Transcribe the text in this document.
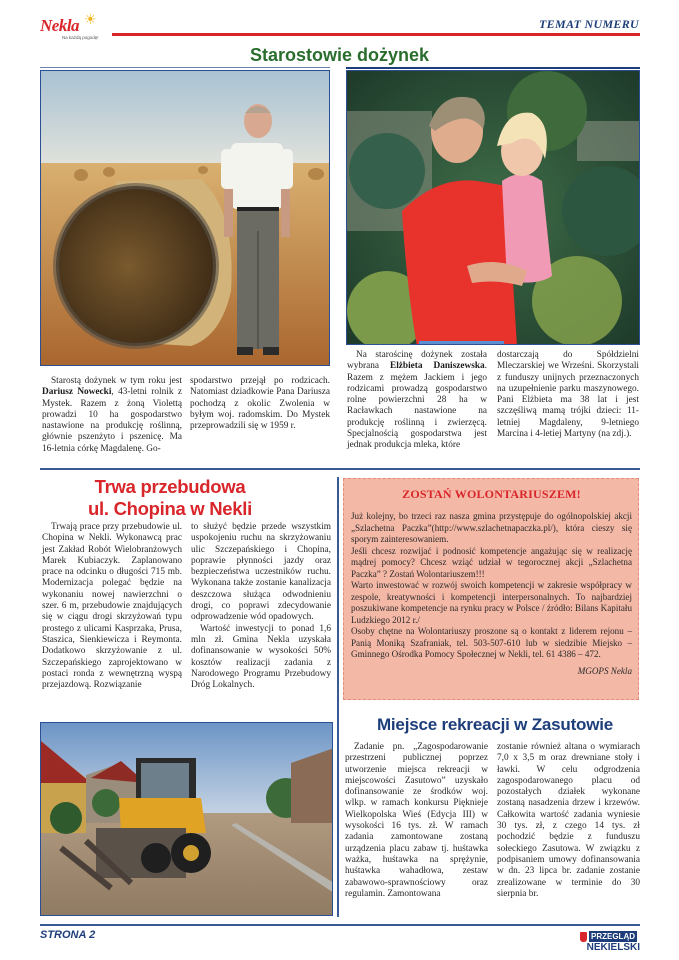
Nekla ☀
Na każdą pogodę!
TEMAT NUMERU
Starostowie dożynek

Starostą dożynek w tym roku jest Dariusz Nowecki, 43-letni rolnik z Mystek. Razem z żoną Violettą prowadzi 10 ha gospodarstwo nastawione na produkcję roślinną, głównie pszenżyto i pszenicę. Ma 16-letnia córkę Magdalenę. Go-

spodarstwo przejął po rodzicach. Natomiast dziadkowie Pana Dariusza pochodzą z okolic Zwolenia w byłym woj. radomskim. Do Mystek przeprowadzili się w 1959 r.

Na starościnę dożynek została wybrana Elżbieta Daniszewska. Razem z mężem Jackiem i jego rodzicami prowadzą gospodarstwo rolne powierzchni 28 ha w Racławkach nastawione na produkcję roślinną i zwierzęcą. Specjalnością gospodarstwa jest jednak produkcja mleka, które

dostarczają do Spółdzielni Mleczarskiej we Wrześni. Skorzystali z funduszy unijnych przeznaczonych na uzupełnienie parku maszynowego. Pani Elżbieta ma 38 lat i jest szczęśliwą mamą trójki dzieci: 11-letniej Magdaleny, 9-letniego Marcina i 4-letiej Martyny (na zdj.).

Trwa przebudowa
ul. Chopina w Nekli

Trwają prace przy przebudowie ul. Chopina w Nekli. Wykonawcą prac jest Zakład Robót Wielobranżowych Marek Kubiaczyk. Zaplanowano prace na odcinku o długości 715 mb. Modernizacja polegać będzie na wykonaniu nowej nawierzchni o szer. 6 m, przebudowie znajdujących się w ciągu drogi skrzyżowań typu prostego z ulicami Kasprzaka, Prusa, Staszica, Sienkiewicza i Reymonta. Dodatkowo skrzyżowanie z ul. Szczepańskiego zaprojektowano w postaci ronda z wewnętrzną wyspą przejazdową. Rozwiązanie

to służyć będzie przede wszystkim uspokojeniu ruchu na skrzyżowaniu ulic Szczepańskiego i Chopina, poprawie płynności jazdy oraz bezpieczeństwa uczestników ruchu. Wykonana także zostanie kanalizacja deszczowa służąca odwodnieniu drogi, co poprawi zdecydowanie odprowadzenie wód opadowych.

Wartość inwestycji to ponad 1,6 mln zł. Gmina Nekla uzyskała dofinansowanie w wysokości 50% kosztów realizacji zadania z Narodowego Programu Przebudowy Dróg Lokalnych.

ZOSTAŃ WOLONTARIUSZEM!

Już kolejny, bo trzeci raz nasza gmina przystępuje do ogólnopolskiej akcji „Szlachetna Paczka”(http://www.szlachetnapaczka.pl/), która cieszy się sporym zainteresowaniem.

Jeśli chcesz rozwijać i podnosić kompetencje angażując się w realizację mądrej pomocy? Chcesz wziąć udział w tegorocznej akcji „Szlachetna Paczka” ? Zostań Wolontariuszem!!!

Warto inwestować w rozwój swoich kompetencji w zakresie współpracy w zespole, kreatywności i kompetencji interpersonalnych. To najbardziej poszukiwane kompetencje na rynku pracy w Polsce / źródło: Bilans Kapitału Ludzkiego 2012 r./

Osoby chętne na Wolontariuszy proszone są o kontakt z liderem rejonu – Panią Moniką Szafraniak, tel. 503-507-610 lub w siedzibie Miejsko – Gminnego Ośrodka Pomocy Społecznej w Nekli, tel. 61 4386 – 472.

MGOPS Nekla
Miejsce rekreacji w Zasutowie

Zadanie pn. „Zagospodarowanie przestrzeni publicznej poprzez utworzenie miejsca rekreacji w miejscowości Zasutowo” uzyskało dofinansowanie ze środków woj. wlkp. w ramach konkursu Pięknieje Wielkopolska Wieś (Edycja III) w wysokości 16 tys. zł. W ramach zadania zamontowane zostaną urządzenia placu zabaw tj. huśtawka ważka, huśtawka na sprężynie, huśtawka wahadłowa, zestaw zabawowo-sprawnościowy oraz regulamin. Zamontowana

zostanie również altana o wymiarach 7,0 x 3,5 m oraz drewniane stoły i ławki. W celu odgrodzenia zagospodarowanego placu od pozostałych działek wykonane zostaną nasadzenia drzew i krzewów. Całkowita wartość zadania wyniesie 30 tys. zł, z czego 14 tys. zł pochodzić będzie z funduszu sołeckiego Zasutowa. W związku z podpisaniem umowy dofinansowania w dn. 23 lipca br. zadanie zostanie zrealizowane w terminie do 30 sierpnia br.

STRONA 2	PRZEGLĄD
NEKIELSKI
